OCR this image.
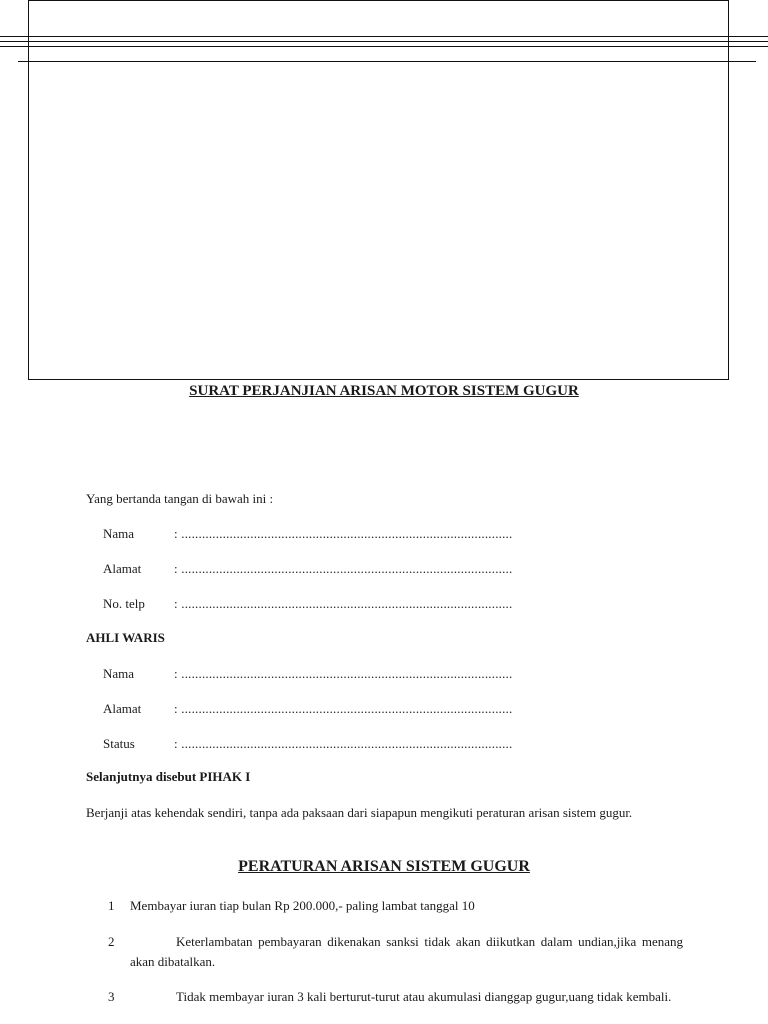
SURAT PERJANJIAN ARISAN MOTOR SISTEM GUGUR
Yang bertanda tangan di bawah ini :
Nama	: ................................................................................................
Alamat	: ................................................................................................
No. telp : ................................................................................................
AHLI WARIS
Nama	: ................................................................................................
Alamat	: ................................................................................................
Status	: ................................................................................................
Selanjutnya disebut PIHAK I
Berjanji atas kehendak sendiri, tanpa ada paksaan dari siapapun mengikuti peraturan arisan sistem gugur.
PERATURAN ARISAN SISTEM GUGUR
1 Membayar iuran tiap bulan Rp 200.000,- paling lambat tanggal 10
2	Keterlambatan pembayaran dikenakan sanksi tidak akan diikutkan dalam undian,jika menang akan dibatalkan.
3	Tidak membayar iuran 3 kali berturut-turut atau akumulasi dianggap gugur,uang tidak kembali.
